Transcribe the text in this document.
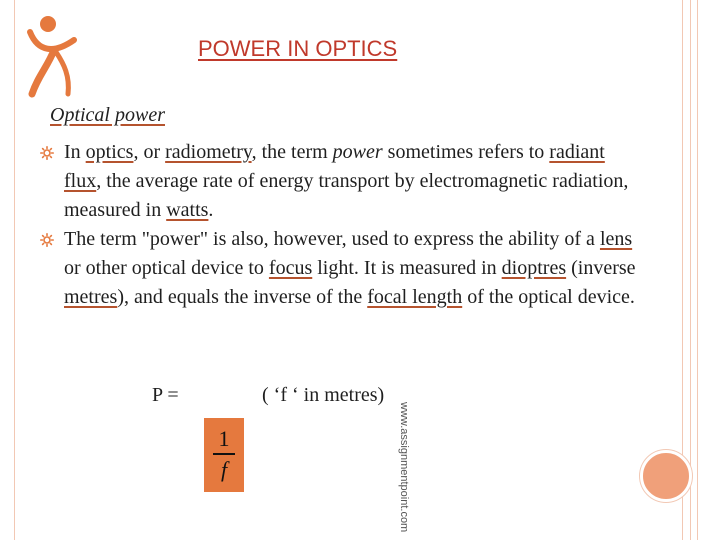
POWER IN OPTICS
Optical power
In optics, or radiometry, the term power sometimes refers to radiant flux, the average rate of energy transport by electromagnetic radiation, measured in watts.
The term "power" is also, however, used to express the ability of a lens or other optical device to focus light. It is measured in dioptres (inverse metres), and equals the inverse of the focal length of the optical device.
P =
$\frac{1}{f}$
( ‘f ‘ in metres)
www.assignmentpoint.com
